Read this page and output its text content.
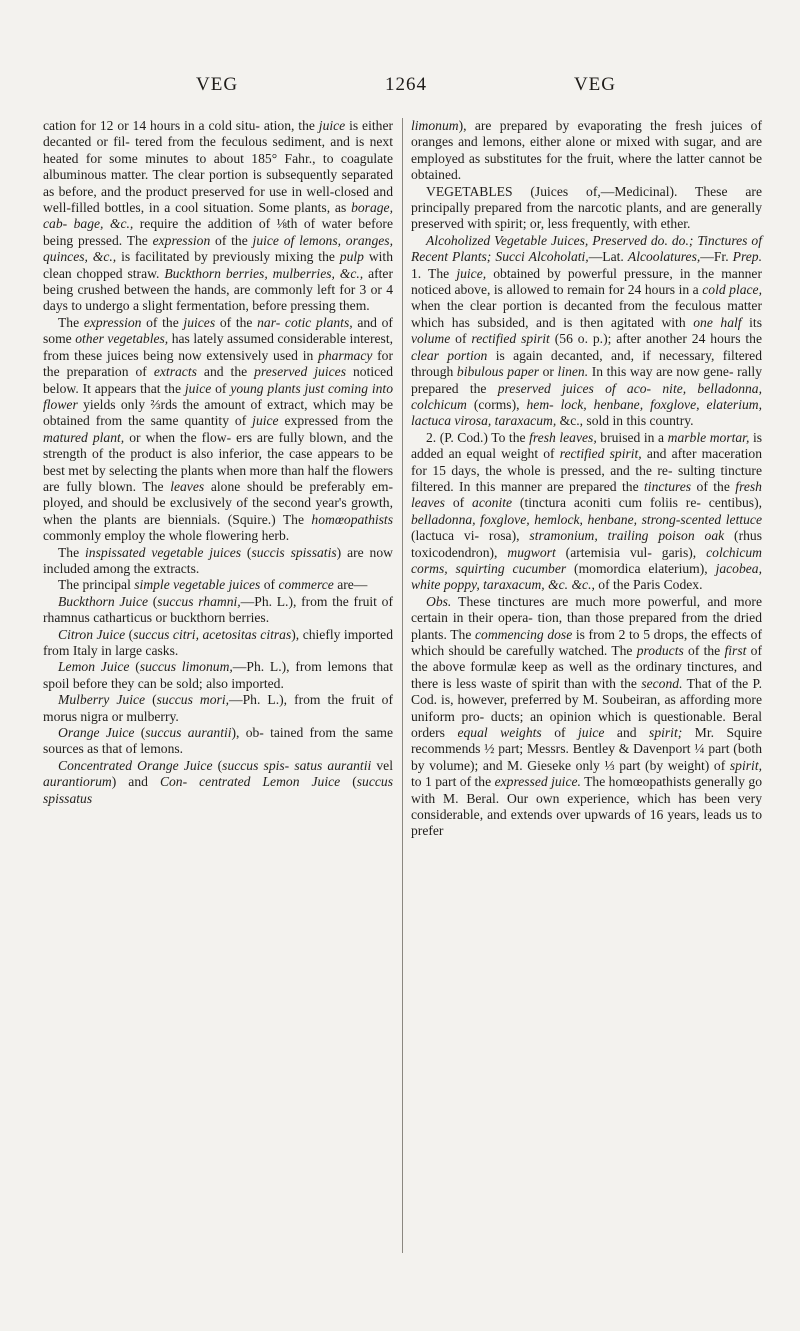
VEG	1264	VEG

cation for 12 or 14 hours in a cold situ- ation, the juice is either decanted or fil- tered from the feculous sediment, and is next heated for some minutes to about 185° Fahr., to coagulate albuminous matter. The clear portion is subsequently separated as before, and the product preserved for use in well-closed and well-filled bottles, in a cool situation. Some plants, as borage, cab- bage, &c., require the addition of ⅛th of water before being pressed. The expression of the juice of lemons, oranges, quinces, &c., is facilitated by previously mixing the pulp with clean chopped straw. Buckthorn berries, mulberries, &c., after being crushed between the hands, are commonly left for 3 or 4 days to undergo a slight fermentation, before pressing them.

The expression of the juices of the nar- cotic plants, and of some other vegetables, has lately assumed considerable interest, from these juices being now extensively used in pharmacy for the preparation of extracts and the preserved juices noticed below. It appears that the juice of young plants just coming into flower yields only ⅔rds the amount of extract, which may be obtained from the same quantity of juice expressed from the matured plant, or when the flow- ers are fully blown, and the strength of the product is also inferior, the case appears to be best met by selecting the plants when more than half the flowers are fully blown. The leaves alone should be preferably em- ployed, and should be exclusively of the second year's growth, when the plants are biennials. (Squire.) The homœopathists commonly employ the whole flowering herb.

The inspissated vegetable juices (succis spissatis) are now included among the extracts.

The principal simple vegetable juices of commerce are—

Buckthorn Juice (succus rhamni,—Ph. L.), from the fruit of rhamnus catharticus or buckthorn berries.

Citron Juice (succus citri, acetositas citras), chiefly imported from Italy in large casks.

Lemon Juice (succus limonum,—Ph. L.), from lemons that spoil before they can be sold; also imported.

Mulberry Juice (succus mori,—Ph. L.), from the fruit of morus nigra or mulberry.

Orange Juice (succus aurantii), ob- tained from the same sources as that of lemons.

Concentrated Orange Juice (succus spis- satus aurantii vel aurantiorum) and Con- centrated Lemon Juice (succus spissatus

limonum), are prepared by evaporating the fresh juices of oranges and lemons, either alone or mixed with sugar, and are employed as substitutes for the fruit, where the latter cannot be obtained.

VEGETABLES (Juices of,—Medicinal). These are principally prepared from the narcotic plants, and are generally preserved with spirit; or, less frequently, with ether.

Alcoholized Vegetable Juices, Preserved do. do.; Tinctures of Recent Plants; Succi Alcoholati,—Lat. Alcoolatures,—Fr. Prep. 1. The juice, obtained by powerful pressure, in the manner noticed above, is allowed to remain for 24 hours in a cold place, when the clear portion is decanted from the feculous matter which has subsided, and is then agitated with one half its volume of rectified spirit (56 o. p.); after another 24 hours the clear portion is again decanted, and, if necessary, filtered through bibulous paper or linen. In this way are now gene- rally prepared the preserved juices of aco- nite, belladonna, colchicum (corms), hem- lock, henbane, foxglove, elaterium, lactuca virosa, taraxacum, &c., sold in this country.

2. (P. Cod.) To the fresh leaves, bruised in a marble mortar, is added an equal weight of rectified spirit, and after maceration for 15 days, the whole is pressed, and the re- sulting tincture filtered. In this manner are prepared the tinctures of the fresh leaves of aconite (tinctura aconiti cum foliis re- centibus), belladonna, foxglove, hemlock, henbane, strong-scented lettuce (lactuca vi- rosa), stramonium, trailing poison oak (rhus toxicodendron), mugwort (artemisia vul- garis), colchicum corms, squirting cucumber (momordica elaterium), jacobea, white poppy, taraxacum, &c. &c., of the Paris Codex.

Obs. These tinctures are much more powerful, and more certain in their opera- tion, than those prepared from the dried plants. The commencing dose is from 2 to 5 drops, the effects of which should be carefully watched. The products of the first of the above formulæ keep as well as the ordinary tinctures, and there is less waste of spirit than with the second. That of the P. Cod. is, however, preferred by M. Soubeiran, as affording more uniform pro- ducts; an opinion which is questionable. Beral orders equal weights of juice and spirit; Mr. Squire recommends ½ part; Messrs. Bentley & Davenport ¼ part (both by volume); and M. Gieseke only ⅓ part (by weight) of spirit, to 1 part of the expressed juice. The homœopathists generally go with M. Beral. Our own experience, which has been very considerable, and extends over upwards of 16 years, leads us to prefer
